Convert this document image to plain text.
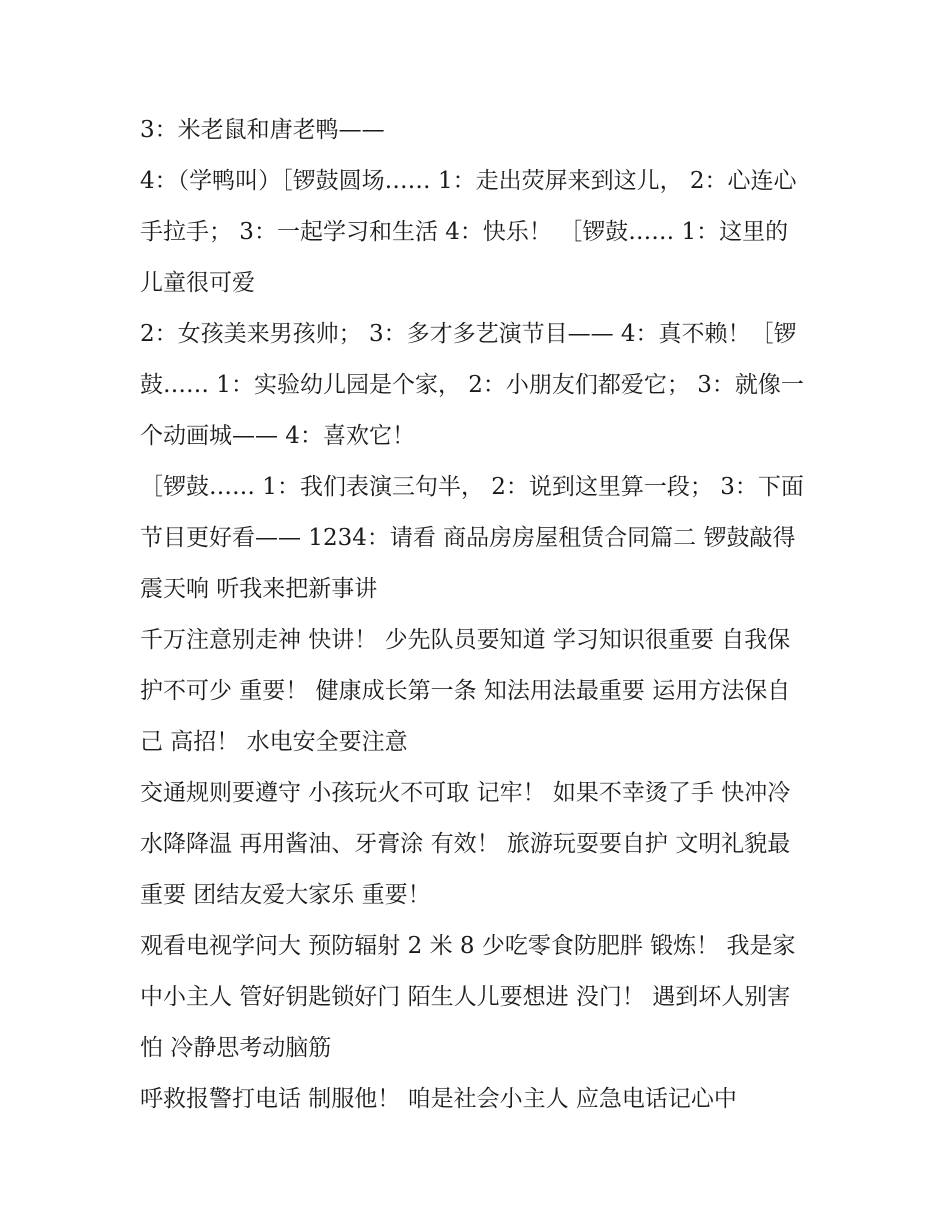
3：米老鼠和唐老鸭——

4：（学鸭叫）［锣鼓圆场…… 1：走出荧屏来到这儿， 2：心连心手拉手； 3：一起学习和生活 4：快乐！ ［锣鼓…… 1：这里的儿童很可爱

2：女孩美来男孩帅； 3：多才多艺演节目—— 4：真不赖！［锣鼓…… 1：实验幼儿园是个家， 2：小朋友们都爱它； 3：就像一个动画城—— 4：喜欢它！

［锣鼓…… 1：我们表演三句半， 2：说到这里算一段； 3：下面节目更好看—— 1234：请看 商品房房屋租赁合同篇二 锣鼓敲得震天响 听我来把新事讲

千万注意别走神 快讲！ 少先队员要知道 学习知识很重要 自我保护不可少 重要！ 健康成长第一条 知法用法最重要 运用方法保自己 高招！ 水电安全要注意

交通规则要遵守 小孩玩火不可取 记牢！ 如果不幸烫了手 快冲冷水降降温 再用酱油、牙膏涂 有效！ 旅游玩耍要自护 文明礼貌最重要 团结友爱大家乐 重要！

观看电视学问大 预防辐射 2 米 8 少吃零食防肥胖 锻炼！ 我是家中小主人 管好钥匙锁好门 陌生人儿要想进 没门！ 遇到坏人别害怕 冷静思考动脑筋

呼救报警打电话 制服他！ 咱是社会小主人 应急电话记心中
